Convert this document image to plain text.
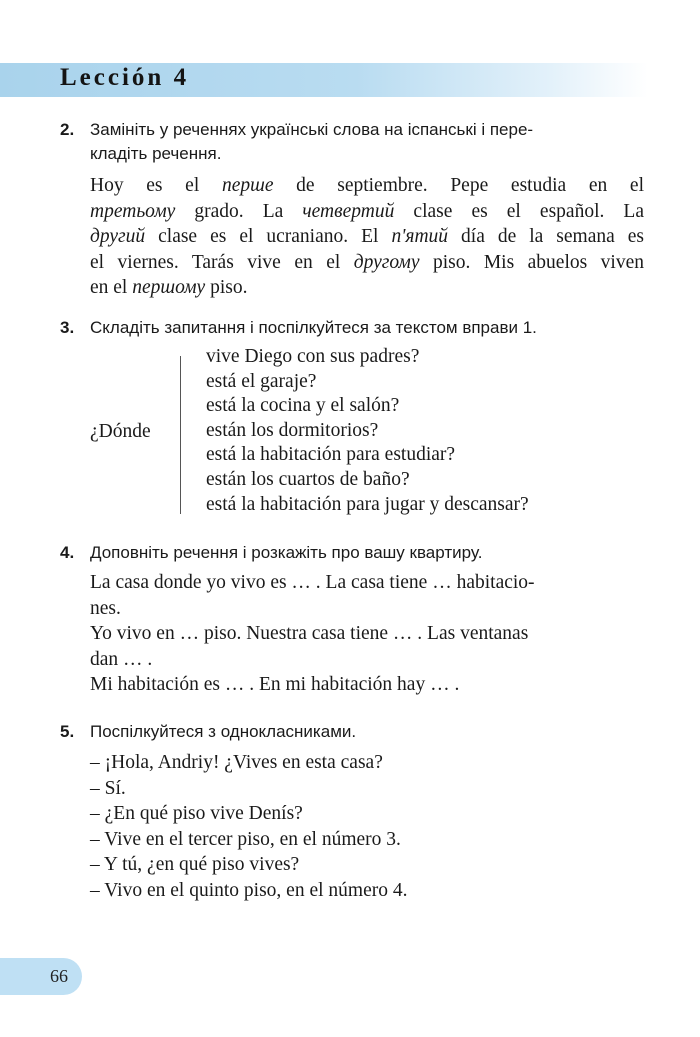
Lección 4
2. Замініть у реченнях українські слова на іспанські і пере-
кладіть речення.
Hoy es el перше de septiembre. Pepe estudia en el
третьому grado. La четвертий clase es el español. La
другий clase es el ucraniano. El п'ятий día de la semana es
el viernes. Tarás vive en el другому piso. Mis abuelos viven
en el першому piso.
3. Складіть запитання і поспілкуйтеся за текстом вправи 1.
¿Dónde
vive Diego con sus padres?
está el garaje?
está la cocina y el salón?
están los dormitorios?
está la habitación para estudiar?
están los cuartos de baño?
está la habitación para jugar y descansar?
4. Доповніть речення і розкажіть про вашу квартиру.
La casa donde yo vivo es … . La casa tiene … habitacio-
nes.
Yo vivo en … piso. Nuestra casa tiene … . Las ventanas
dan … .
Mi habitación es … . En mi habitación hay … .
5. Поспілкуйтеся з однокласниками.
– ¡Hola, Andriy! ¿Vives en esta casa?
– Sí.
– ¿En qué piso vive Denís?
– Vive en el tercer piso, en el número 3.
– Y tú, ¿en qué piso vives?
– Vivo en el quinto piso, en el número 4.
66
